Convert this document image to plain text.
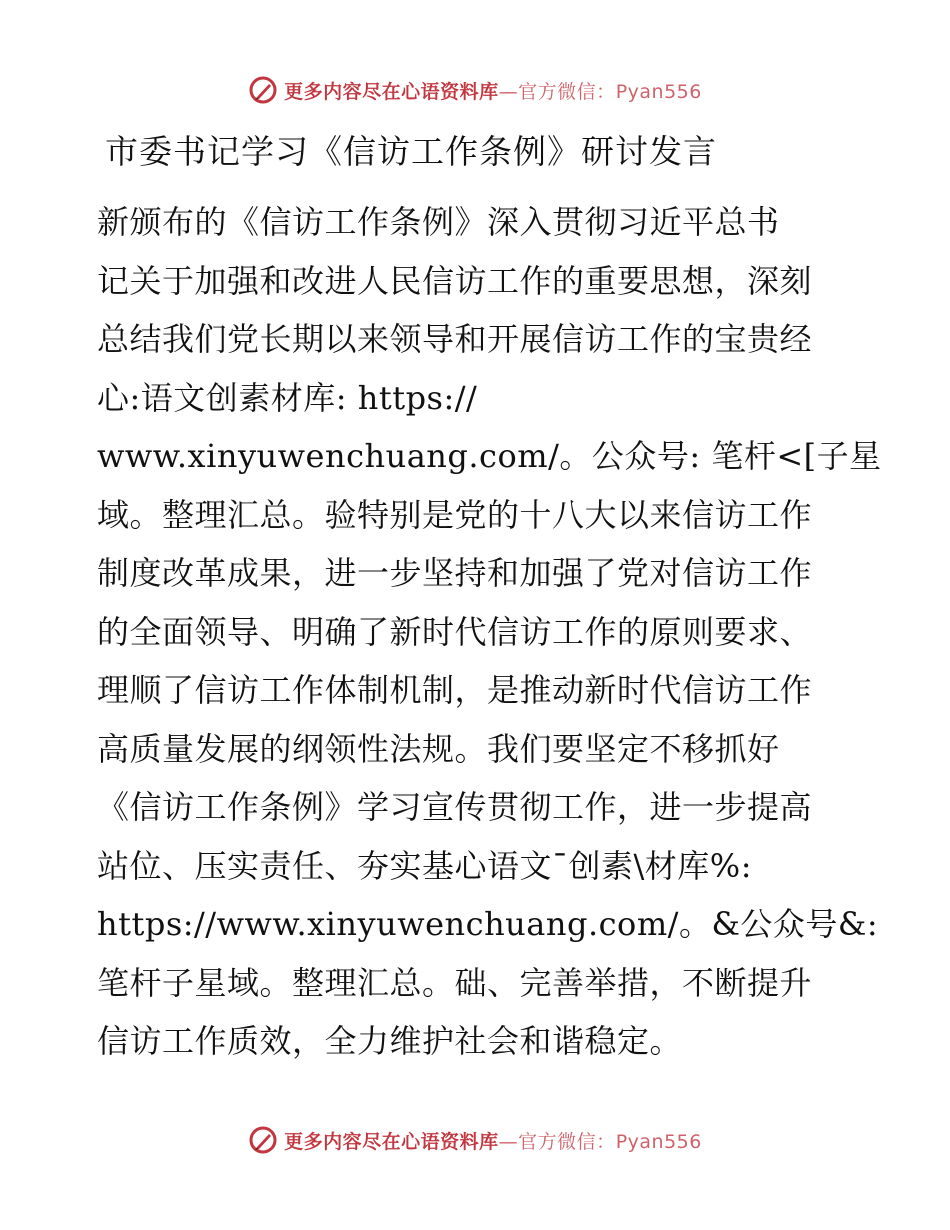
更多内容尽在心语资料库—官方微信：Pyan556
市委书记学习《信访工作条例》研讨发言
新颁布的《信访工作条例》深入贯彻习近平总书
记关于加强和改进人民信访工作的重要思想，深刻
总结我们党长期以来领导和开展信访工作的宝贵经
心:语文创素材库: https://
www.xinyuwenchuang.com/。公众号: 笔杆<[子星
域。整理汇总。验特别是党的十八大以来信访工作
制度改革成果，进一步坚持和加强了党对信访工作
的全面领导、明确了新时代信访工作的原则要求、
理顺了信访工作体制机制，是推动新时代信访工作
高质量发展的纲领性法规。我们要坚定不移抓好
《信访工作条例》学习宣传贯彻工作，进一步提高
站位、压实责任、夯实基心语文¯创素\材库%:
https://www.xinyuwenchuang.com/。&公众号&:
笔杆子星域。整理汇总。础、完善举措，不断提升
信访工作质效，全力维护社会和谐稳定。
更多内容尽在心语资料库—官方微信：Pyan556
